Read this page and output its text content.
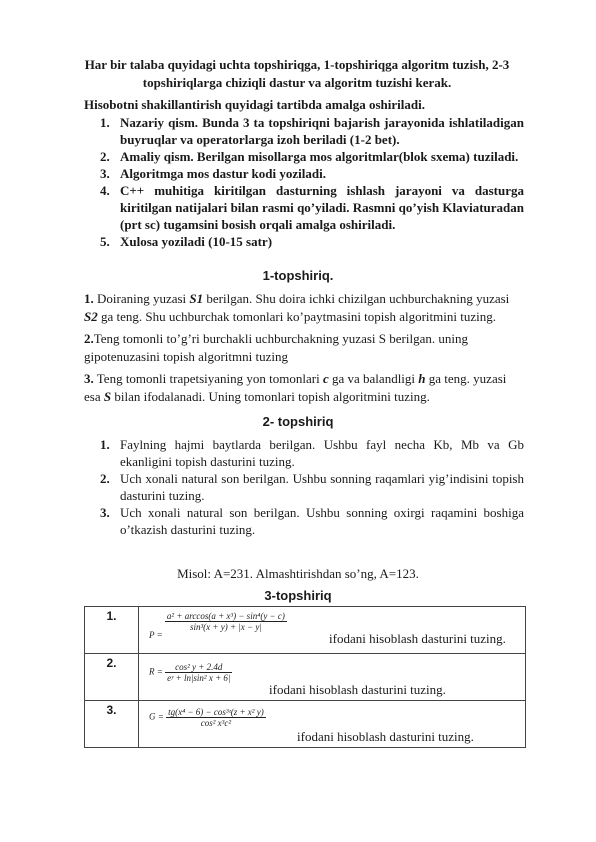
Har bir talaba quyidagi uchta topshiriqga, 1-topshiriqga algoritm tuzish, 2-3 topshiriqlarga chiziqli dastur va algoritm tuzishi kerak.

Hisobotni shakillantirish quyidagi tartibda amalga oshiriladi.

1. Nazariy qism. Bunda 3 ta topshiriqni bajarish jarayonida ishlatiladigan buyruqlar va operatorlarga izoh beriladi (1-2 bet).
2. Amaliy qism. Berilgan misollarga mos algoritmlar(blok sxema) tuziladi.
3. Algoritmga mos dastur kodi yoziladi.
4. C++ muhitiga kiritilgan dasturning ishlash jarayoni va dasturga kiritilgan natijalari bilan rasmi qo’yiladi. Rasmni qo’yish Klaviaturadan (prt sc) tugamsini bosish orqali amalga oshiriladi.
5. Xulosa yoziladi (10-15 satr)
1-topshiriq.

1. Doiraning yuzasi S1 berilgan. Shu doira ichki chizilgan uchburchakning yuzasi S2 ga teng. Shu uchburchak tomonlari ko’paytmasini topish algoritmini tuzing.

2.Teng tomonli to’g’ri burchakli uchburchakning yuzasi S berilgan. uning gipotenuzasini topish algoritmni tuzing

3. Teng tomonli trapetsiyaning yon tomonlari c ga va balandligi h ga teng. yuzasi esa S bilan ifodalanadi. Uning tomonlari topish algoritmini tuzing.

2- topshiriq
1. Faylning hajmi baytlarda berilgan. Ushbu fayl necha Kb, Mb va Gb ekanligini topish dasturini tuzing.
2. Uch xonali natural son berilgan. Ushbu sonning raqamlari yig’indisini topish dasturini tuzing.
3. Uch xonali natural son berilgan. Ushbu sonning oxirgi raqamini boshiga o’tkazish dasturini tuzing.
Misol: A=231. Almashtirishdan so’ng, A=123.
3-topshiriq
1.	P =
$\frac{\text{a² + arccos(a + x³) − sin⁴(y − c)}}{\text{sin³(x + y) + |x − y|}}$
ifodani hisoblash dasturini tuzing.

2.	$R = \frac{\text{cos² y + 2.4d}}{\text{eʸ + ln|sin² x + 6|}}$
ifodani hisoblash dasturini tuzing.

3.	$G = \frac{\text{tg(x⁴ − 6) − cos³ᶻ(z + x² y)}}{\text{cos² x³c²}}$
ifodani hisoblash dasturini tuzing.
